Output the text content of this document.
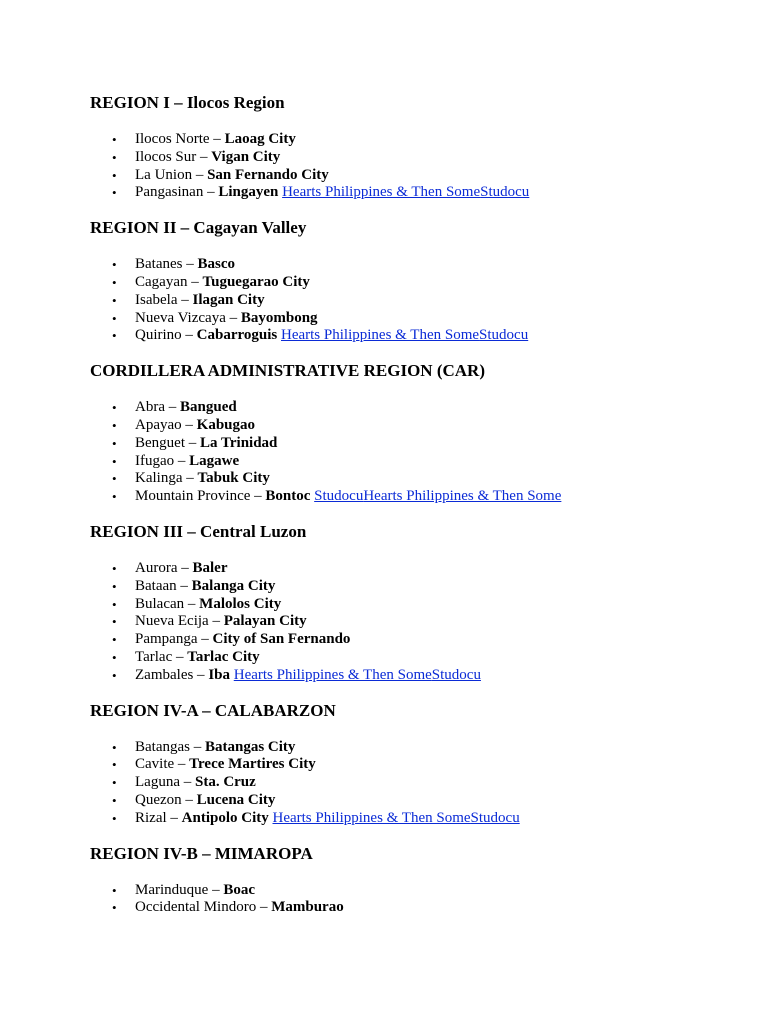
REGION I – Ilocos Region
• Ilocos Norte – Laoag City
• Ilocos Sur – Vigan City
• La Union – San Fernando City
• Pangasinan – Lingayen Hearts Philippines & Then SomeStudocu
REGION II – Cagayan Valley
• Batanes – Basco
• Cagayan – Tuguegarao City
• Isabela – Ilagan City
• Nueva Vizcaya – Bayombong
• Quirino – Cabarroguis Hearts Philippines & Then SomeStudocu
CORDILLERA ADMINISTRATIVE REGION (CAR)
• Abra – Bangued
• Apayao – Kabugao
• Benguet – La Trinidad
• Ifugao – Lagawe
• Kalinga – Tabuk City
• Mountain Province – Bontoc StudocuHearts Philippines & Then Some
REGION III – Central Luzon
• Aurora – Baler
• Bataan – Balanga City
• Bulacan – Malolos City
• Nueva Ecija – Palayan City
• Pampanga – City of San Fernando
• Tarlac – Tarlac City
• Zambales – Iba Hearts Philippines & Then SomeStudocu
REGION IV-A – CALABARZON
• Batangas – Batangas City
• Cavite – Trece Martires City
• Laguna – Sta. Cruz
• Quezon – Lucena City
• Rizal – Antipolo City Hearts Philippines & Then SomeStudocu
REGION IV-B – MIMAROPA
• Marinduque – Boac
• Occidental Mindoro – Mamburao
